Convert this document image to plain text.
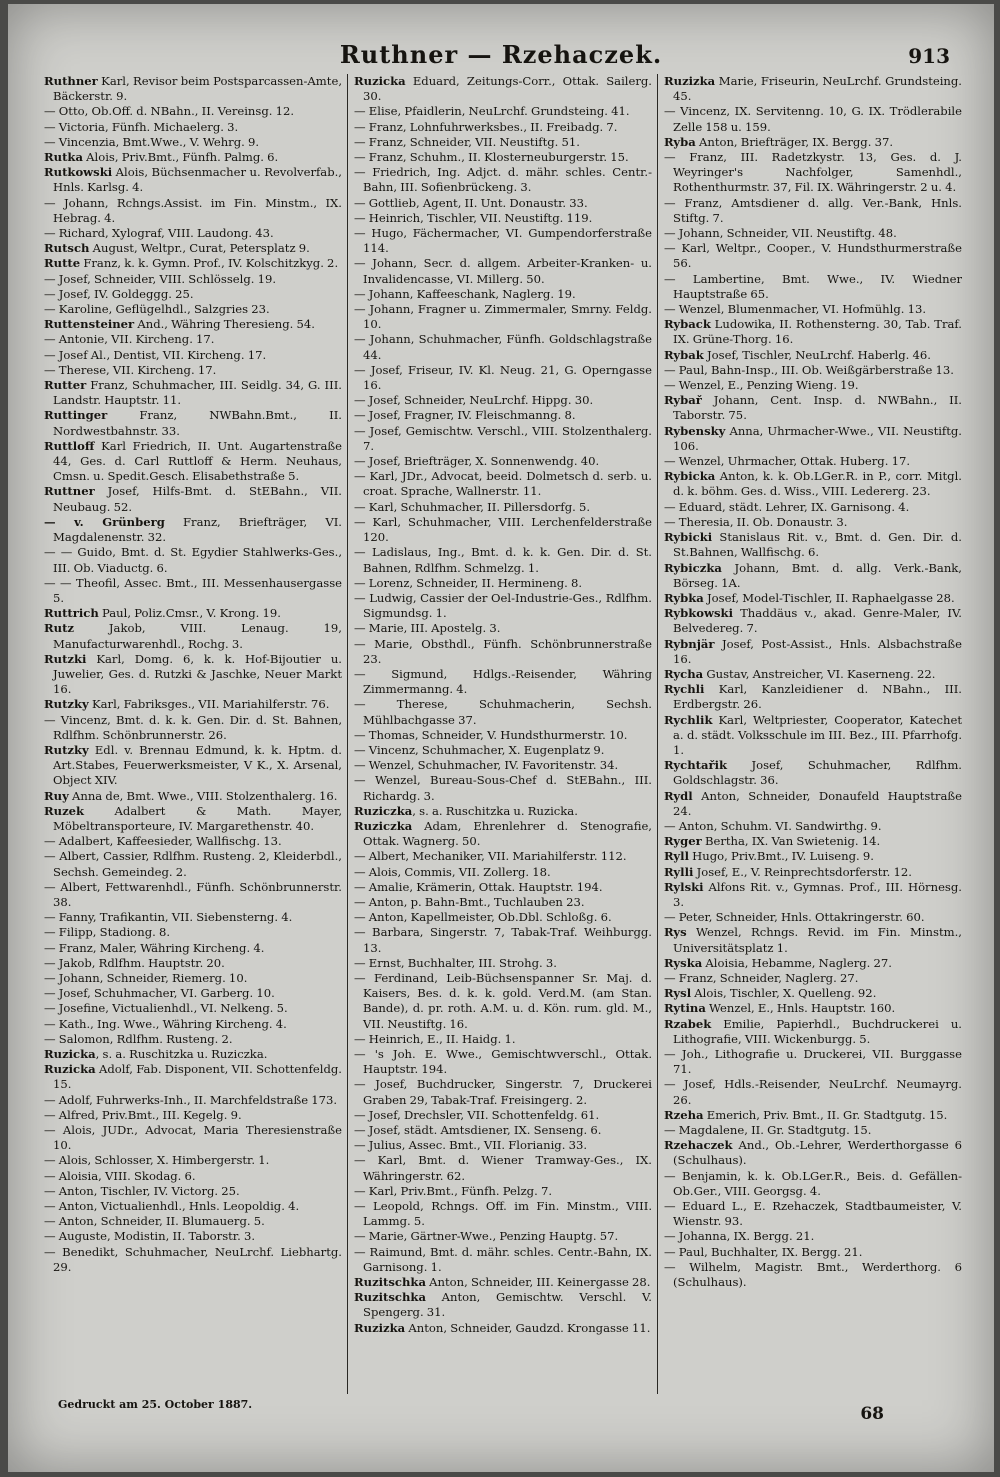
Ruthner — Rzehaczek.	913

Ruthner Karl, Revisor beim Postsparcassen-Amte, Bäckerstr. 9.

— Otto, Ob.Off. d. NBahn., II. Vereinsg. 12.

— Victoria, Fünfh. Michaelerg. 3.

— Vincenzia, Bmt.Wwe., V. Wehrg. 9.

Rutka Alois, Priv.Bmt., Fünfh. Palmg. 6.

Rutkowski Alois, Büchsenmacher u. Revolverfab., Hnls. Karlsg. 4.

— Johann, Rchngs.Assist. im Fin. Minstm., IX. Hebrag. 4.

— Richard, Xylograf, VIII. Laudong. 43.

Rutsch August, Weltpr., Curat, Petersplatz 9.

Rutte Franz, k. k. Gymn. Prof., IV. Kolschitzkyg. 2.

— Josef, Schneider, VIII. Schlösselg. 19.

— Josef, IV. Goldeggg. 25.

— Karoline, Geflügelhdl., Salzgries 23.

Ruttensteiner And., Währing Theresieng. 54.

— Antonie, VII. Kircheng. 17.

— Josef Al., Dentist, VII. Kircheng. 17.

— Therese, VII. Kircheng. 17.

Rutter Franz, Schuhmacher, III. Seidlg. 34, G. III. Landstr. Hauptstr. 11.

Ruttinger Franz, NWBahn.Bmt., II. Nordwestbahnstr. 33.

Ruttloff Karl Friedrich, II. Unt. Augartenstraße 44, Ges. d. Carl Ruttloff & Herm. Neuhaus, Cmsn. u. Spedit.Gesch. Elisabethstraße 5.

Ruttner Josef, Hilfs-Bmt. d. StEBahn., VII. Neubaug. 52.

— v. Grünberg Franz, Briefträger, VI. Magdalenenstr. 32.

— — Guido, Bmt. d. St. Egydier Stahlwerks-Ges., III. Ob. Viaductg. 6.

— — Theofil, Assec. Bmt., III. Messenhausergasse 5.

Ruttrich Paul, Poliz.Cmsr., V. Krong. 19.

Rutz Jakob, VIII. Lenaug. 19, Manufacturwarenhdl., Rochg. 3.

Rutzki Karl, Domg. 6, k. k. Hof-Bijoutier u. Juwelier, Ges. d. Rutzki & Jaschke, Neuer Markt 16.

Rutzky Karl, Fabriksges., VII. Mariahilferstr. 76.

— Vincenz, Bmt. d. k. k. Gen. Dir. d. St. Bahnen, Rdlfhm. Schönbrunnerstr. 26.

Rutzky Edl. v. Brennau Edmund, k. k. Hptm. d. Art.Stabes, Feuerwerksmeister, V K., X. Arsenal, Object XIV.

Ruy Anna de, Bmt. Wwe., VIII. Stolzenthalerg. 16.

Ruzek Adalbert & Math. Mayer, Möbeltransporteure, IV. Margarethenstr. 40.

— Adalbert, Kaffeesieder, Wallfischg. 13.

— Albert, Cassier, Rdlfhm. Rusteng. 2, Kleiderbdl., Sechsh. Gemeindeg. 2.

— Albert, Fettwarenhdl., Fünfh. Schönbrunnerstr. 38.

— Fanny, Trafikantin, VII. Siebensterng. 4.

— Filipp, Stadiong. 8.

— Franz, Maler, Währing Kircheng. 4.

— Jakob, Rdlfhm. Hauptstr. 20.

— Johann, Schneider, Riemerg. 10.

— Josef, Schuhmacher, VI. Garberg. 10.

— Josefine, Victualienhdl., VI. Nelkeng. 5.

— Kath., Ing. Wwe., Währing Kircheng. 4.

— Salomon, Rdlfhm. Rusteng. 2.

Ruzicka, s. a. Ruschitzka u. Ruziczka.

Ruzicka Adolf, Fab. Disponent, VII. Schottenfeldg. 15.

— Adolf, Fuhrwerks-Inh., II. Marchfeldstraße 173.

— Alfred, Priv.Bmt., III. Kegelg. 9.

— Alois, JUDr., Advocat, Maria Theresienstraße 10.

— Alois, Schlosser, X. Himbergerstr. 1.

— Aloisia, VIII. Skodag. 6.

— Anton, Tischler, IV. Victorg. 25.

— Anton, Victualienhdl., Hnls. Leopoldig. 4.

— Anton, Schneider, II. Blumauerg. 5.

— Auguste, Modistin, II. Taborstr. 3.

— Benedikt, Schuhmacher, NeuLrchf. Liebhartg. 29.

Ruzicka Eduard, Zeitungs-Corr., Ottak. Sailerg. 30.

— Elise, Pfaidlerin, NeuLrchf. Grundsteing. 41.

— Franz, Lohnfuhrwerksbes., II. Freibadg. 7.

— Franz, Schneider, VII. Neustiftg. 51.

— Franz, Schuhm., II. Klosterneuburgerstr. 15.

— Friedrich, Ing. Adjct. d. mähr. schles. Centr.-Bahn, III. Sofienbrückeng. 3.

— Gottlieb, Agent, II. Unt. Donaustr. 33.

— Heinrich, Tischler, VII. Neustiftg. 119.

— Hugo, Fächermacher, VI. Gumpendorferstraße 114.

— Johann, Secr. d. allgem. Arbeiter-Kranken- u. Invalidencasse, VI. Millerg. 50.

— Johann, Kaffeeschank, Naglerg. 19.

— Johann, Fragner u. Zimmermaler, Smrny. Feldg. 10.

— Johann, Schuhmacher, Fünfh. Goldschlagstraße 44.

— Josef, Friseur, IV. Kl. Neug. 21, G. Operngasse 16.

— Josef, Schneider, NeuLrchf. Hippg. 30.

— Josef, Fragner, IV. Fleischmanng. 8.

— Josef, Gemischtw. Verschl., VIII. Stolzenthalerg. 7.

— Josef, Briefträger, X. Sonnenwendg. 40.

— Karl, JDr., Advocat, beeid. Dolmetsch d. serb. u. croat. Sprache, Wallnerstr. 11.

— Karl, Schuhmacher, II. Pillersdorfg. 5.

— Karl, Schuhmacher, VIII. Lerchenfelderstraße 120.

— Ladislaus, Ing., Bmt. d. k. k. Gen. Dir. d. St. Bahnen, Rdlfhm. Schmelzg. 1.

— Lorenz, Schneider, II. Hermineng. 8.

— Ludwig, Cassier der Oel-Industrie-Ges., Rdlfhm. Sigmundsg. 1.

— Marie, III. Apostelg. 3.

— Marie, Obsthdl., Fünfh. Schönbrunnerstraße 23.

— Sigmund, Hdlgs.-Reisender, Währing Zimmermanng. 4.

— Therese, Schuhmacherin, Sechsh. Mühlbachgasse 37.

— Thomas, Schneider, V. Hundsthurmerstr. 10.

— Vincenz, Schuhmacher, X. Eugenplatz 9.

— Wenzel, Schuhmacher, IV. Favoritenstr. 34.

— Wenzel, Bureau-Sous-Chef d. StEBahn., III. Richardg. 3.

Ruziczka, s. a. Ruschitzka u. Ruzicka.

Ruziczka Adam, Ehrenlehrer d. Stenografie, Ottak. Wagnerg. 50.

— Albert, Mechaniker, VII. Mariahilferstr. 112.

— Alois, Commis, VII. Zollerg. 18.

— Amalie, Krämerin, Ottak. Hauptstr. 194.

— Anton, p. Bahn-Bmt., Tuchlauben 23.

— Anton, Kapellmeister, Ob.Dbl. Schloßg. 6.

— Barbara, Singerstr. 7, Tabak-Traf. Weihburgg. 13.

— Ernst, Buchhalter, III. Strohg. 3.

— Ferdinand, Leib-Büchsenspanner Sr. Maj. d. Kaisers, Bes. d. k. k. gold. Verd.M. (am Stan. Bande), d. pr. roth. A.M. u. d. Kön. rum. gld. M., VII. Neustiftg. 16.

— Heinrich, E., II. Haidg. 1.

— 's Joh. E. Wwe., Gemischtwverschl., Ottak. Hauptstr. 194.

— Josef, Buchdrucker, Singerstr. 7, Druckerei Graben 29, Tabak-Traf. Freisingerg. 2.

— Josef, Drechsler, VII. Schottenfeldg. 61.

— Josef, städt. Amtsdiener, IX. Senseng. 6.

— Julius, Assec. Bmt., VII. Florianig. 33.

— Karl, Bmt. d. Wiener Tramway-Ges., IX. Währingerstr. 62.

— Karl, Priv.Bmt., Fünfh. Pelzg. 7.

— Leopold, Rchngs. Off. im Fin. Minstm., VIII. Lammg. 5.

— Marie, Gärtner-Wwe., Penzing Hauptg. 57.

— Raimund, Bmt. d. mähr. schles. Centr.-Bahn, IX. Garnisong. 1.

Ruzitschka Anton, Schneider, III. Keinergasse 28.

Ruzitschka Anton, Gemischtw. Verschl. V. Spengerg. 31.

Ruzizka Anton, Schneider, Gaudzd. Krongasse 11.

Ruzizka Marie, Friseurin, NeuLrchf. Grundsteing. 45.

— Vincenz, IX. Servitenng. 10, G. IX. Trödlerabile Zelle 158 u. 159.

Ryba Anton, Briefträger, IX. Bergg. 37.

— Franz, III. Radetzkystr. 13, Ges. d. J. Weyringer's Nachfolger, Samenhdl., Rothenthurmstr. 37, Fil. IX. Währingerstr. 2 u. 4.

— Franz, Amtsdiener d. allg. Ver.-Bank, Hnls. Stiftg. 7.

— Johann, Schneider, VII. Neustiftg. 48.

— Karl, Weltpr., Cooper., V. Hundsthurmerstraße 56.

— Lambertine, Bmt. Wwe., IV. Wiedner Hauptstraße 65.

— Wenzel, Blumenmacher, VI. Hofmühlg. 13.

Ryback Ludowika, II. Rothensterng. 30, Tab. Traf. IX. Grüne-Thorg. 16.

Rybak Josef, Tischler, NeuLrchf. Haberlg. 46.

— Paul, Bahn-Insp., III. Ob. Weißgärberstraße 13.

— Wenzel, E., Penzing Wieng. 19.

Rybař Johann, Cent. Insp. d. NWBahn., II. Taborstr. 75.

Rybensky Anna, Uhrmacher-Wwe., VII. Neustiftg. 106.

— Wenzel, Uhrmacher, Ottak. Huberg. 17.

Rybicka Anton, k. k. Ob.LGer.R. in P., corr. Mitgl. d. k. böhm. Ges. d. Wiss., VIII. Ledererg. 23.

— Eduard, städt. Lehrer, IX. Garnisong. 4.

— Theresia, II. Ob. Donaustr. 3.

Rybicki Stanislaus Rit. v., Bmt. d. Gen. Dir. d. St.Bahnen, Wallfischg. 6.

Rybiczka Johann, Bmt. d. allg. Verk.-Bank, Börseg. 1A.

Rybka Josef, Model-Tischler, II. Raphaelgasse 28.

Rybkowski Thaddäus v., akad. Genre-Maler, IV. Belvedereg. 7.

Rybnjär Josef, Post-Assist., Hnls. Alsbachstraße 16.

Rycha Gustav, Anstreicher, VI. Kaserneng. 22.

Rychli Karl, Kanzleidiener d. NBahn., III. Erdbergstr. 26.

Rychlik Karl, Weltpriester, Cooperator, Katechet a. d. städt. Volksschule im III. Bez., III. Pfarrhofg. 1.

Rychtařik Josef, Schuhmacher, Rdlfhm. Goldschlagstr. 36.

Rydl Anton, Schneider, Donaufeld Hauptstraße 24.

— Anton, Schuhm. VI. Sandwirthg. 9.

Ryger Bertha, IX. Van Swietenig. 14.

Ryll Hugo, Priv.Bmt., IV. Luiseng. 9.

Rylli Josef, E., V. Reinprechtsdorferstr. 12.

Rylski Alfons Rit. v., Gymnas. Prof., III. Hörnesg. 3.

— Peter, Schneider, Hnls. Ottakringerstr. 60.

Rys Wenzel, Rchngs. Revid. im Fin. Minstm., Universitätsplatz 1.

Ryska Aloisia, Hebamme, Naglerg. 27.

— Franz, Schneider, Naglerg. 27.

Rysl Alois, Tischler, X. Quelleng. 92.

Rytina Wenzel, E., Hnls. Hauptstr. 160.

Rzabek Emilie, Papierhdl., Buchdruckerei u. Lithografie, VIII. Wickenburgg. 5.

— Joh., Lithografie u. Druckerei, VII. Burggasse 71.

— Josef, Hdls.-Reisender, NeuLrchf. Neumayrg. 26.

Rzeha Emerich, Priv. Bmt., II. Gr. Stadtgutg. 15.

— Magdalene, II. Gr. Stadtgutg. 15.

Rzehaczek And., Ob.-Lehrer, Werderthorgasse 6 (Schulhaus).

— Benjamin, k. k. Ob.LGer.R., Beis. d. Gefällen-Ob.Ger., VIII. Georgsg. 4.

— Eduard L., E. Rzehaczek, Stadtbaumeister, V. Wienstr. 93.

— Johanna, IX. Bergg. 21.

— Paul, Buchhalter, IX. Bergg. 21.

— Wilhelm, Magistr. Bmt., Werderthorg. 6 (Schulhaus).

Gedruckt am 25. October 1887.	68
